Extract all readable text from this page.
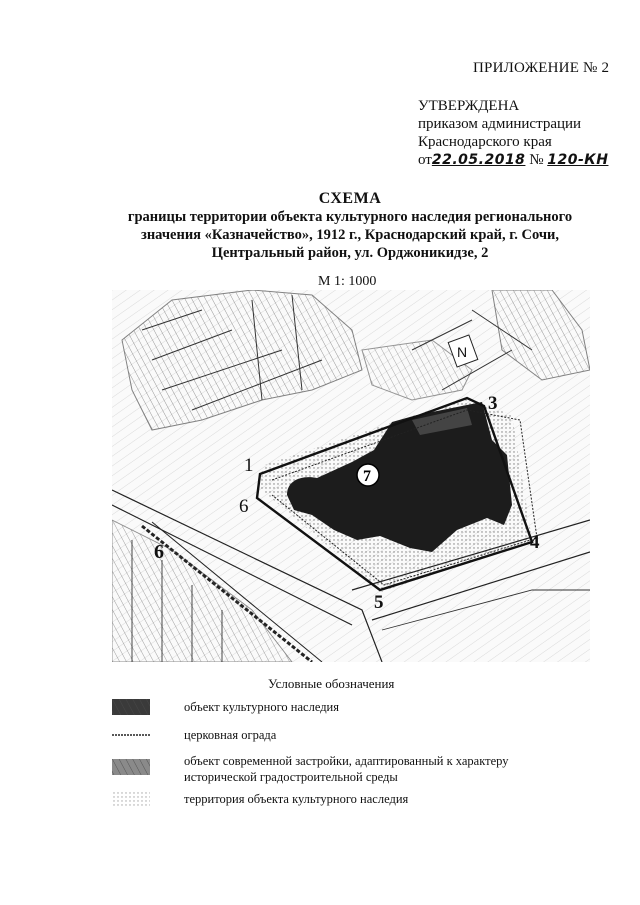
ПРИЛОЖЕНИЕ № 2
УТВЕРЖДЕНА
приказом администрации
Краснодарского края
от22.05.2018 № 120-КН
СХЕМА
границы территории объекта культурного наследия регионального
значения «Казначейство», 1912 г., Краснодарский край, г. Сочи,
Центральный район, ул. Орджоникидзе, 2
М 1: 1000
1
3
4
5
6
6
7
N
Условные обозначения
объект культурного наследия
церковная ограда
объект современной застройки, адаптированный к характеру
исторической градостроительной среды
территория объекта культурного наследия
